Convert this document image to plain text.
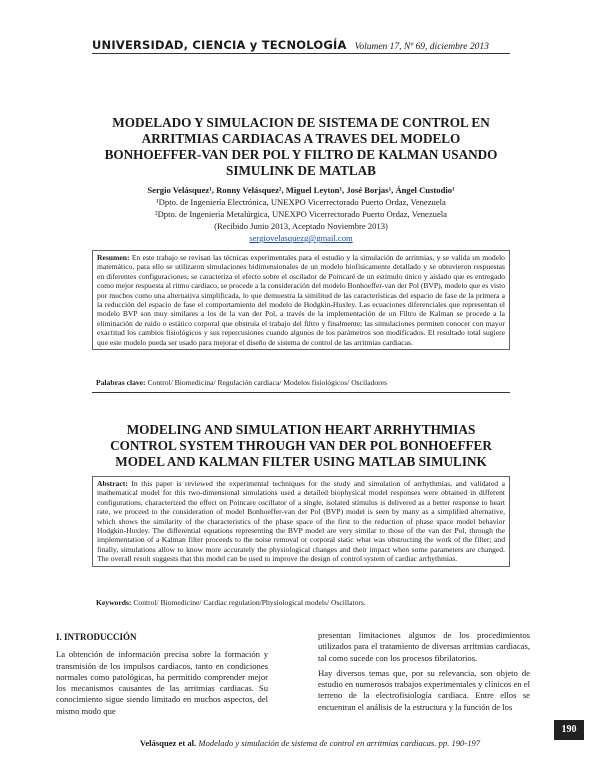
UNIVERSIDAD, CIENCIA y TECNOLOGÍA Volumen 17, Nº 69, diciembre 2013
MODELADO Y SIMULACION DE SISTEMA DE CONTROL EN ARRITMIAS CARDIACAS A TRAVES DEL MODELO BONHOEFFER-VAN DER POL Y FILTRO DE KALMAN USANDO SIMULINK DE MATLAB
Sergio Velásquez¹, Ronny Velásquez², Miguel Leyton¹, José Borjas¹, Ángel Custodio¹
¹Dpto. de Ingeniería Electrónica, UNEXPO Vicerrectorado Puerto Ordaz, Venezuela
²Dpto. de Ingeniería Metalúrgica, UNEXPO Vicerrectorado Puerto Ordaz, Venezuela
(Recibido Junio 2013, Aceptado Noviembre 2013)
sergiovelasquezg@gmail.com
Resumen: En este trabajo se revisan las técnicas experimentales para el estudio y la simulación de arritmias, y se valida un modelo matemático, para ello se utilizaron simulaciones bidimensionales de un modelo biofísicamente detallado y se obtuvieron respuestas en diferentes configuraciones, se caracteriza el efecto sobre el oscilador de Poincaré de un estímulo único y aislado que es entregado como mejor respuesta al ritmo cardiaco, se procede a la consideración del modelo Bonhoeffer-van der Pol (BVP), modelo que es visto por muchos como una alternativa simplificada, lo que demuestra la similitud de las características del espacio de fase de la primera a la reducción del espacio de fase el comportamiento del modelo de Hodgkin-Huxley. Las ecuaciones diferenciales que representan el modelo BVP son muy similares a los de la van der Pol, a través de la implementación de un Filtro de Kalman se procede a la eliminación de ruido o estático corporal que obstruía el trabajo del filtro y finalmente; las simulaciones permiten conocer con mayor exactitud los cambios fisiológicos y sus repercusiones cuando algunos de los parámetros son modificados. El resultado total sugiere que este modelo pueda ser usado para mejorar el diseño de sistema de control de las arritmias cardiacas.
Palabras clave: Control/ Biomedicina/ Regulación cardiaca/ Modelos fisiológicos/ Osciladores
MODELING AND SIMULATION HEART ARRHYTHMIAS CONTROL SYSTEM THROUGH VAN DER POL BONHOEFFER MODEL AND KALMAN FILTER USING MATLAB SIMULINK
Abstract: In this paper is reviewed the experimental techniques for the study and simulation of arrhythmias, and validated a mathematical model for this two-dimensional simulations used a detailed biophysical model responses were obtained in different configurations, characterized the effect on Poincare oscillator of a single, isolated stimulus is delivered as a better response to heart rate, we proceed to the consideration of model Bonhoeffer-van der Pol (BVP) model is seen by many as a simplified alternative, which shows the similarity of the characteristics of the phase space of the first to the reduction of phase space model behavior Hodgkin-Huxley. The differential equations representing the BVP model are very similar to those of the van der Pol, through the implementation of a Kalman filter proceeds to the noise removal or corporal static what was obstructing the work of the filter; and finally, simulations allow to know more accurately the physiological changes and their impact when some parameters are changed. The overall result suggests that this model can be used to improve the design of control system of cardiac arrhythmias.
Keywords: Control/ Biomedicine/ Cardiac regulation/Physiological models/ Oscillators.
I. INTRODUCCIÓN

La obtención de información precisa sobre la formación y transmisión de los impulsos cardiacos, tanto en condiciones normales como patológicas, ha permitido comprender mejor los mecanismos causantes de las arritmias cardiacas. Su conocimiento sigue siendo limitado en muchos aspectos, del mismo modo que

presentan limitaciones algunos de los procedimientos utilizados para el tratamiento de diversas arritmias cardiacas, tal como sucede con los procesos fibrilatorios.

Hay diversos temas que, por su relevancia, son objeto de estudio en numerosos trabajos experimentales y clínicos en el terreno de la electrofisiología cardiaca. Entre ellos se encuentran el análisis de la estructura y la función de los

190
Velásquez et al. Modelado y simulación de sistema de control en arritmias cardiacas. pp. 190-197
